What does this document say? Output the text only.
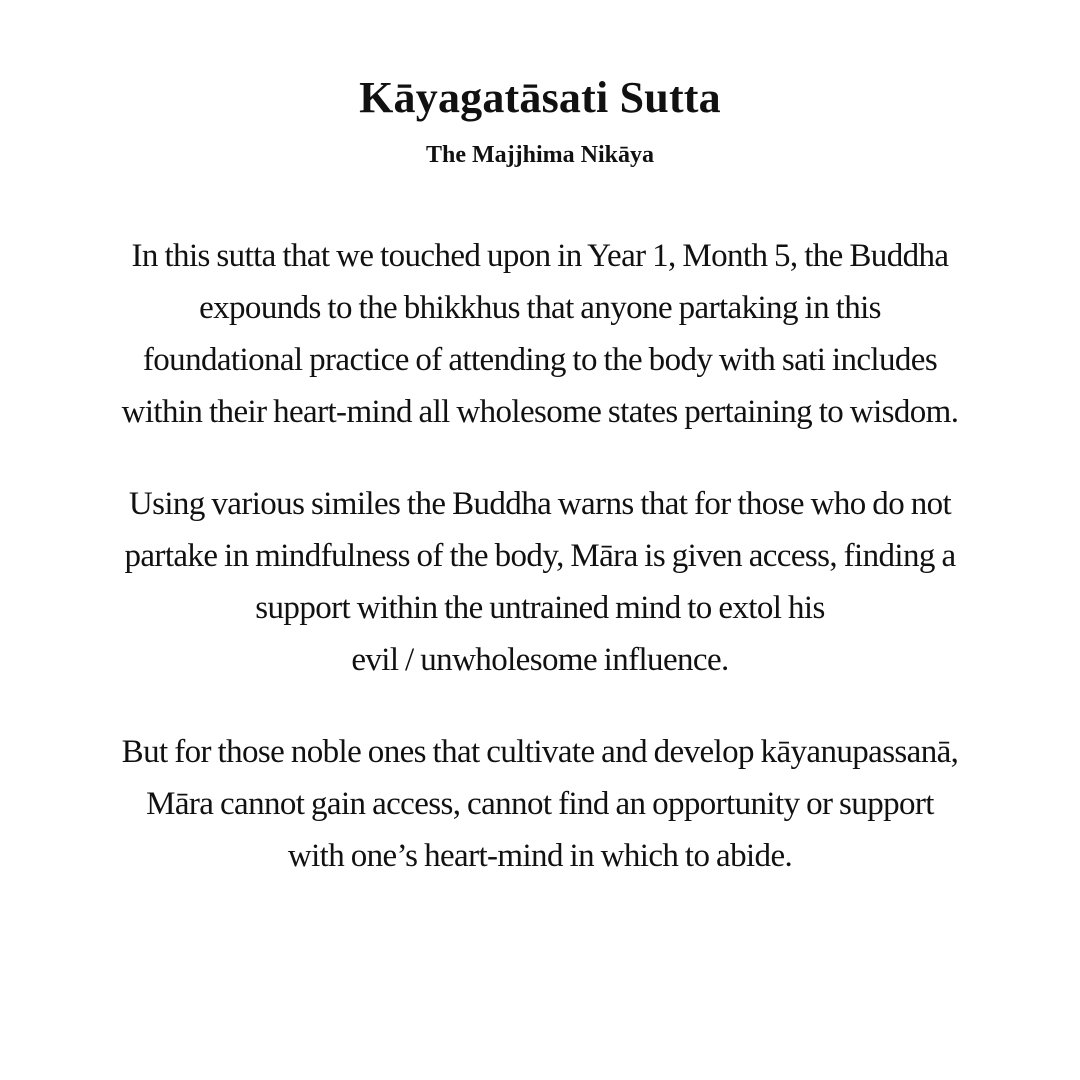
Kāyagatāsati Sutta
The Majjhima Nikāya

In this sutta that we touched upon in Year 1, Month 5, the Buddha
expounds to the bhikkhus that anyone partaking in this
foundational practice of attending to the body with sati includes
within their heart-mind all wholesome states pertaining to wisdom.

Using various similes the Buddha warns that for those who do not
partake in mindfulness of the body, Māra is given access, finding a
support within the untrained mind to extol his
evil / unwholesome influence.

But for those noble ones that cultivate and develop kāyanupassanā,
Māra cannot gain access, cannot find an opportunity or support
with one’s heart-mind in which to abide.
